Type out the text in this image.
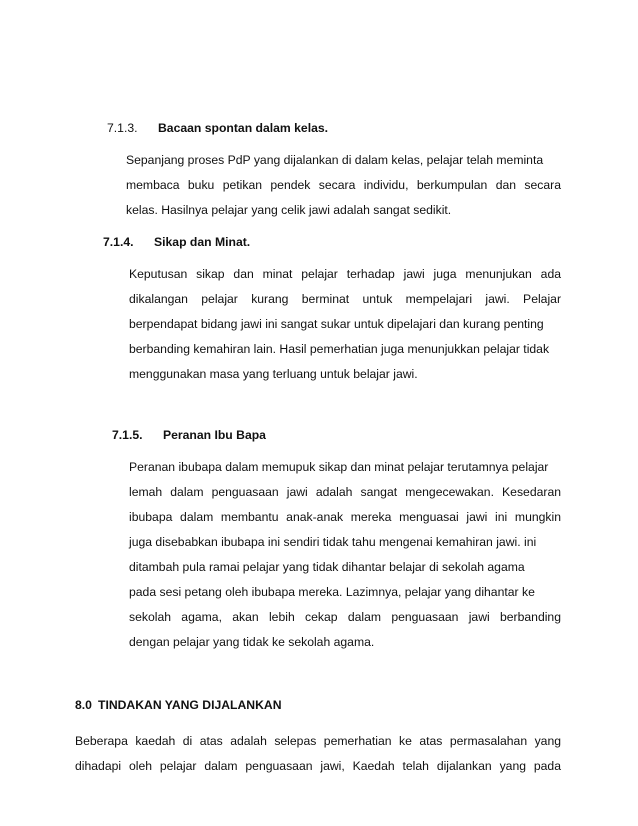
7.1.3. Bacaan spontan dalam kelas.
Sepanjang proses PdP yang dijalankan di dalam kelas, pelajar telah meminta
membaca buku petikan pendek secara individu, berkumpulan dan secara
kelas. Hasilnya pelajar yang celik jawi adalah sangat sedikit.
7.1.4. Sikap dan Minat.
Keputusan sikap dan minat pelajar terhadap jawi juga menunjukan ada
dikalangan pelajar kurang berminat untuk mempelajari jawi. Pelajar
berpendapat bidang jawi ini sangat sukar untuk dipelajari dan kurang penting
berbanding kemahiran lain. Hasil pemerhatian juga menunjukkan pelajar tidak
menggunakan masa yang terluang untuk belajar jawi.
7.1.5. Peranan Ibu Bapa
Peranan ibubapa dalam memupuk sikap dan minat pelajar terutamnya pelajar
lemah dalam penguasaan jawi adalah sangat mengecewakan. Kesedaran
ibubapa dalam membantu anak-anak mereka menguasai jawi ini mungkin
juga disebabkan ibubapa ini sendiri tidak tahu mengenai kemahiran jawi. ini
ditambah pula ramai pelajar yang tidak dihantar belajar di sekolah agama
pada sesi petang oleh ibubapa mereka. Lazimnya, pelajar yang dihantar ke
sekolah agama, akan lebih cekap dalam penguasaan jawi berbanding
dengan pelajar yang tidak ke sekolah agama.
8.0 TINDAKAN YANG DIJALANKAN
Beberapa kaedah di atas adalah selepas pemerhatian ke atas permasalahan yang
dihadapi oleh pelajar dalam penguasaan jawi, Kaedah telah dijalankan yang pada
